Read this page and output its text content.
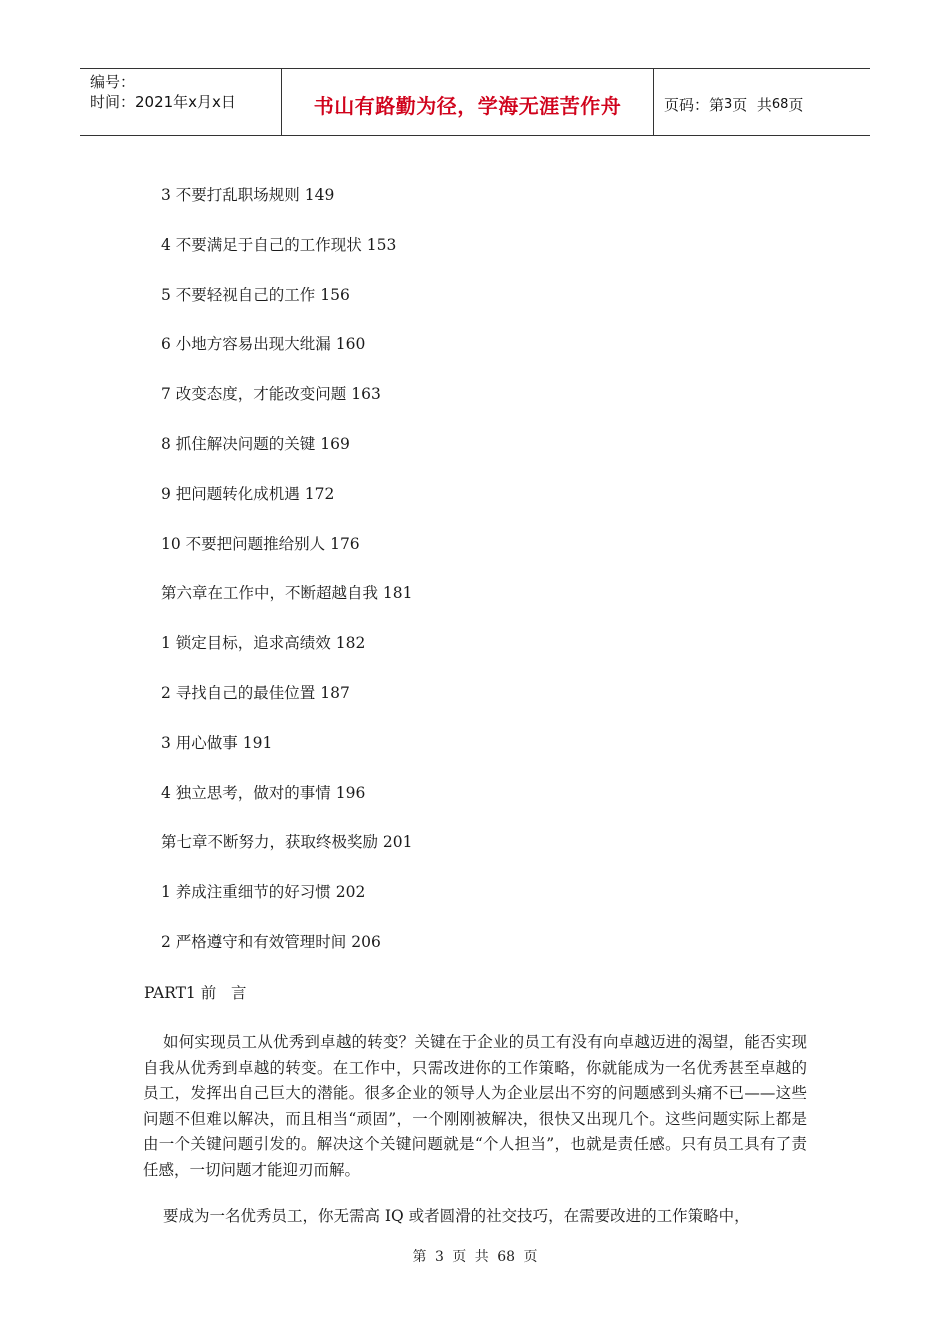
编号：
时间：2021年x月x日	书山有路勤为径，学海无涯苦作舟	页码：第 3 页  共 68 页
3 不要打乱职场规则 149
4 不要满足于自己的工作现状 153
5 不要轻视自己的工作 156
6 小地方容易出现大纰漏 160
7 改变态度，才能改变问题 163
8 抓住解决问题的关键 169
9 把问题转化成机遇 172
10 不要把问题推给别人 176
第六章在工作中，不断超越自我 181
1 锁定目标，追求高绩效 182
2 寻找自己的最佳位置 187
3 用心做事 191
4 独立思考，做对的事情 196
第七章不断努力，获取终极奖励 201
1 养成注重细节的好习惯 202
2 严格遵守和有效管理时间 206
PART1 前   言

如何实现员工从优秀到卓越的转变？关键在于企业的员工有没有向卓越迈进的渴望，能否实现自我从优秀到卓越的转变。在工作中，只需改进你的工作策略，你就能成为一名优秀甚至卓越的员工，发挥出自己巨大的潜能。很多企业的领导人为企业层出不穷的问题感到头痛不已——这些问题不但难以解决，而且相当“顽固”，一个刚刚被解决，很快又出现几个。这些问题实际上都是由一个关键问题引发的。解决这个关键问题就是“个人担当”，也就是责任感。只有员工具有了责任感，一切问题才能迎刃而解。

要成为一名优秀员工，你无需高 IQ 或者圆滑的社交技巧，在需要改进的工作策略中，

第 3 页 共 68 页
